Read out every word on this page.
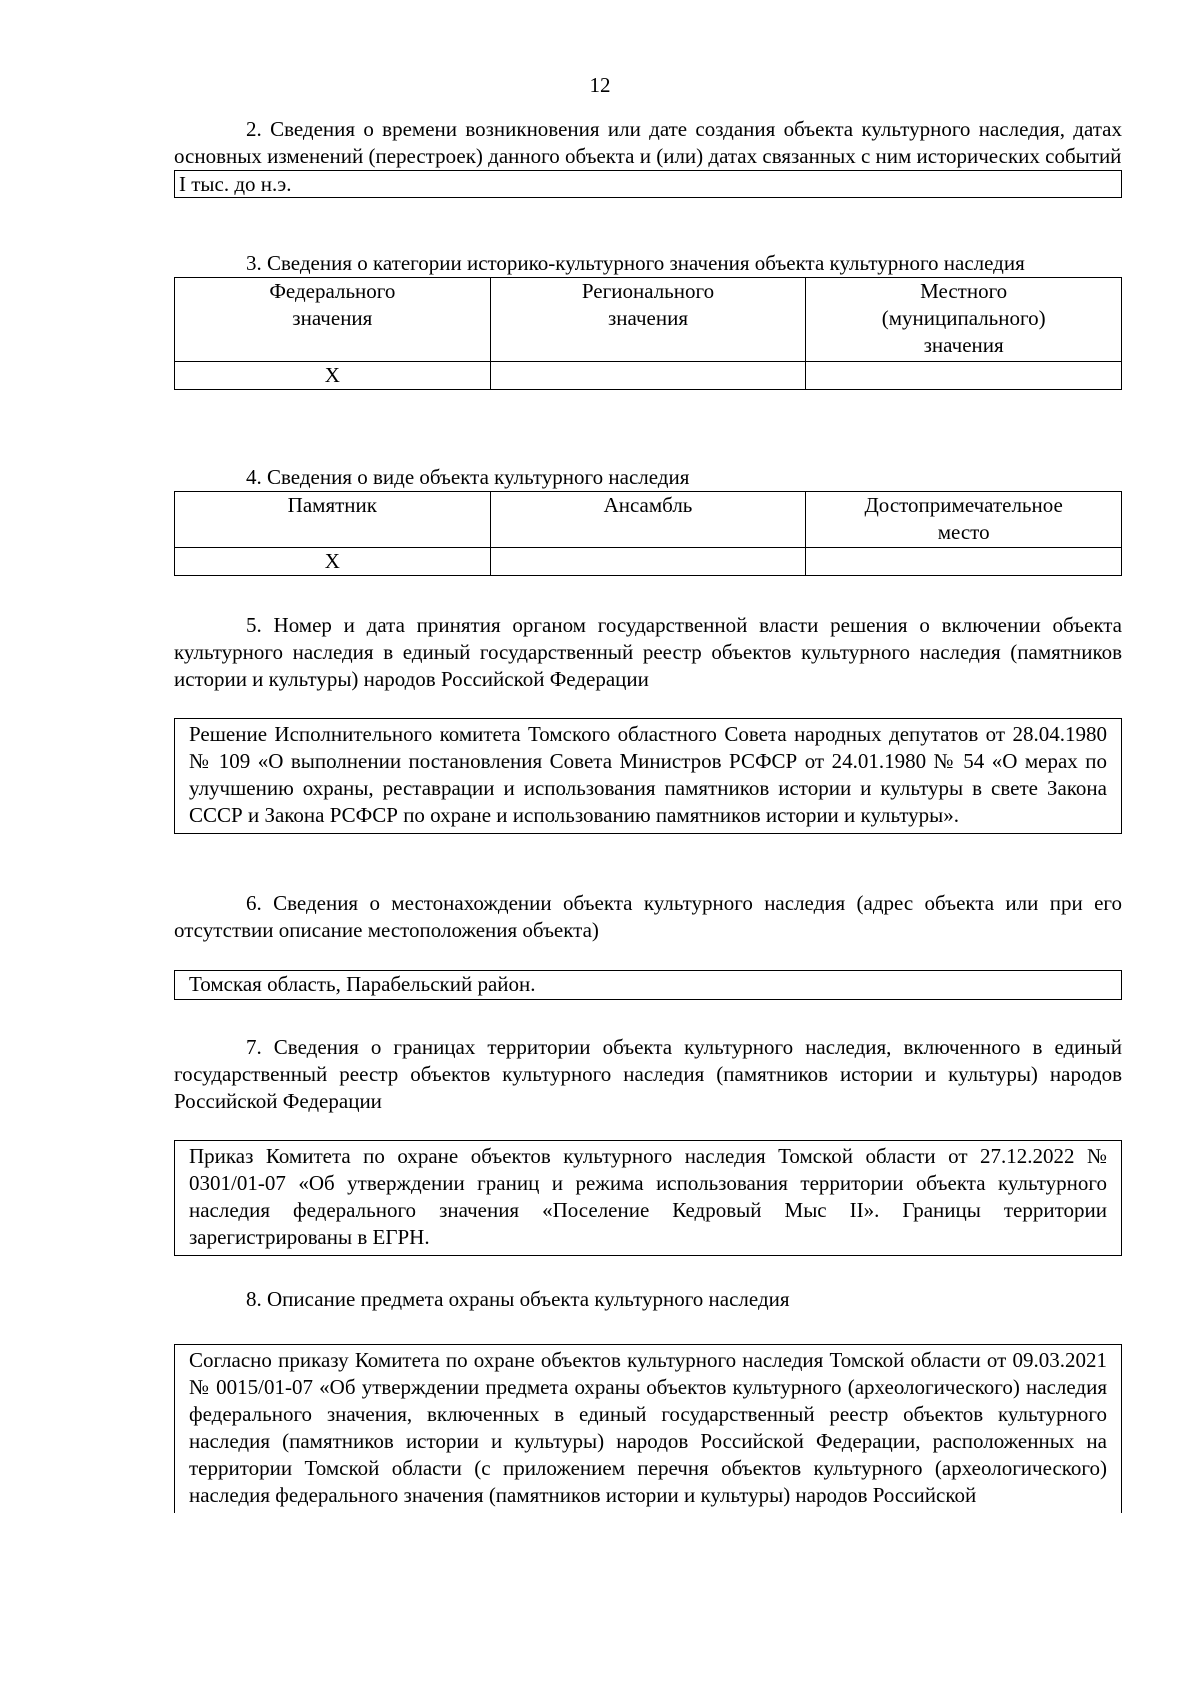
12

2. Сведения о времени возникновения или дате создания объекта культурного наследия, датах основных изменений (перестроек) данного объекта и (или) датах связанных с ним исторических событий

I тыс. до н.э.

3. Сведения о категории историко-культурного значения объекта культурного наследия

Федерального значения	Регионального значения	Местного (муниципального) значения
X		

4. Сведения о виде объекта культурного наследия

Памятник	Ансамбль	Достопримечательное место
X		

5. Номер и дата принятия органом государственной власти решения о включении объекта культурного наследия в единый государственный реестр объектов культурного наследия (памятников истории и культуры) народов Российской Федерации

Решение Исполнительного комитета Томского областного Совета народных депутатов от 28.04.1980 № 109 «О выполнении постановления Совета Министров РСФСР от 24.01.1980 № 54 «О мерах по улучшению охраны, реставрации и использования памятников истории и культуры в свете Закона СССР и Закона РСФСР по охране и использованию памятников истории и культуры».

6. Сведения о местонахождении объекта культурного наследия (адрес объекта или при его отсутствии описание местоположения объекта)

Томская область, Парабельский район.

7. Сведения о границах территории объекта культурного наследия, включенного в единый государственный реестр объектов культурного наследия (памятников истории и культуры) народов Российской Федерации

Приказ Комитета по охране объектов культурного наследия Томской области от 27.12.2022 № 0301/01-07 «Об утверждении границ и режима использования территории объекта культурного наследия федерального значения «Поселение Кедровый Мыс II». Границы территории зарегистрированы в ЕГРН.

8. Описание предмета охраны объекта культурного наследия

Согласно приказу Комитета по охране объектов культурного наследия Томской области от 09.03.2021 № 0015/01-07 «Об утверждении предмета охраны объектов культурного (археологического) наследия федерального значения, включенных в единый государственный реестр объектов культурного наследия (памятников истории и культуры) народов Российской Федерации, расположенных на территории Томской области (с приложением перечня объектов культурного (археологического) наследия федерального значения (памятников истории и культуры) народов Российской
